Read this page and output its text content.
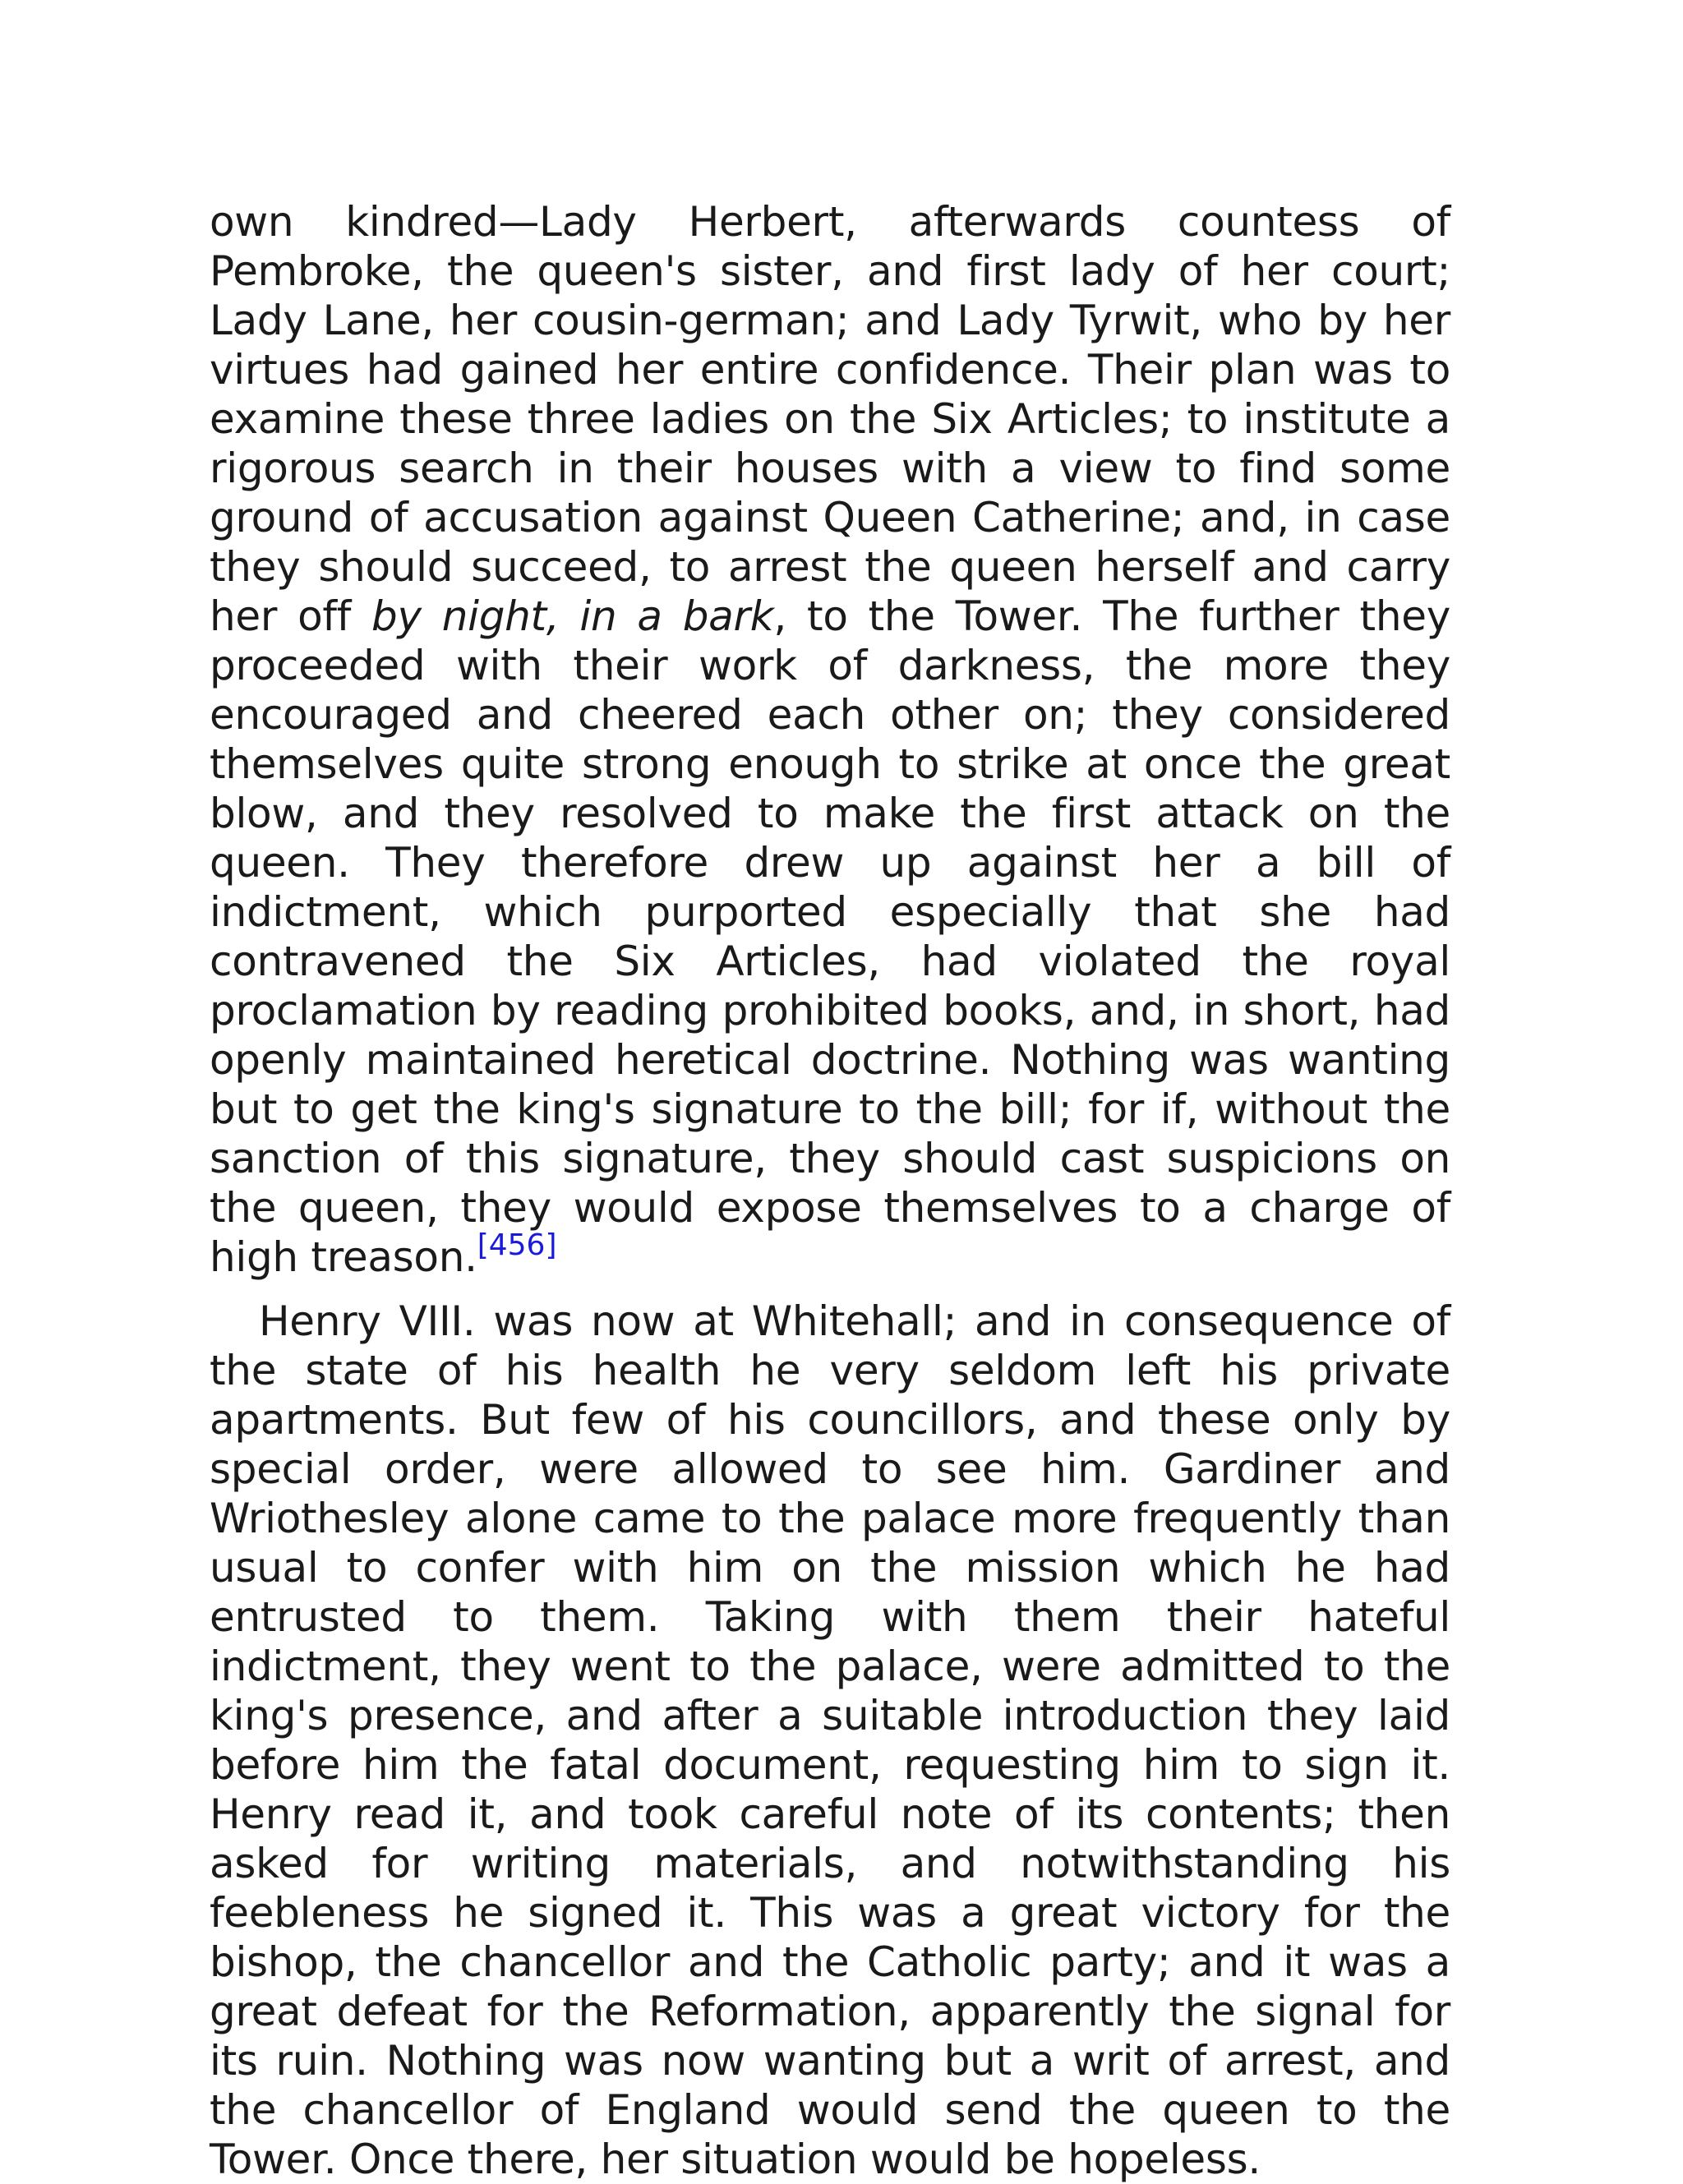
own kindred—Lady Herbert, afterwards countess of Pembroke, the queen's sister, and first lady of her court; Lady Lane, her cousin-german; and Lady Tyrwit, who by her virtues had gained her entire confidence. Their plan was to examine these three ladies on the Six Articles; to institute a rigorous search in their houses with a view to find some ground of accusation against Queen Catherine; and, in case they should succeed, to arrest the queen herself and carry her off by night, in a bark, to the Tower. The further they proceeded with their work of darkness, the more they encouraged and cheered each other on; they considered themselves quite strong enough to strike at once the great blow, and they resolved to make the first attack on the queen. They therefore drew up against her a bill of indictment, which purported especially that she had contravened the Six Articles, had violated the royal proclamation by reading prohibited books, and, in short, had openly maintained heretical doctrine. Nothing was wanting but to get the king's signature to the bill; for if, without the sanction of this signature, they should cast suspicions on the queen, they would expose themselves to a charge of high treason.[456]

Henry VIII. was now at Whitehall; and in consequence of the state of his health he very seldom left his private apartments. But few of his councillors, and these only by special order, were allowed to see him. Gardiner and Wriothesley alone came to the palace more frequently than usual to confer with him on the mission which he had entrusted to them. Taking with them their hateful indictment, they went to the palace, were admitted to the king's presence, and after a suitable introduction they laid before him the fatal document, requesting him to sign it. Henry read it, and took careful note of its contents; then asked for writing materials, and notwithstanding his feebleness he signed it. This was a great victory for the bishop, the chancellor and the Catholic party; and it was a great defeat for the Reformation, apparently the signal for its ruin. Nothing was now wanting but a writ of arrest, and the chancellor of England would send the queen to the Tower. Once there, her situation would be hopeless.
